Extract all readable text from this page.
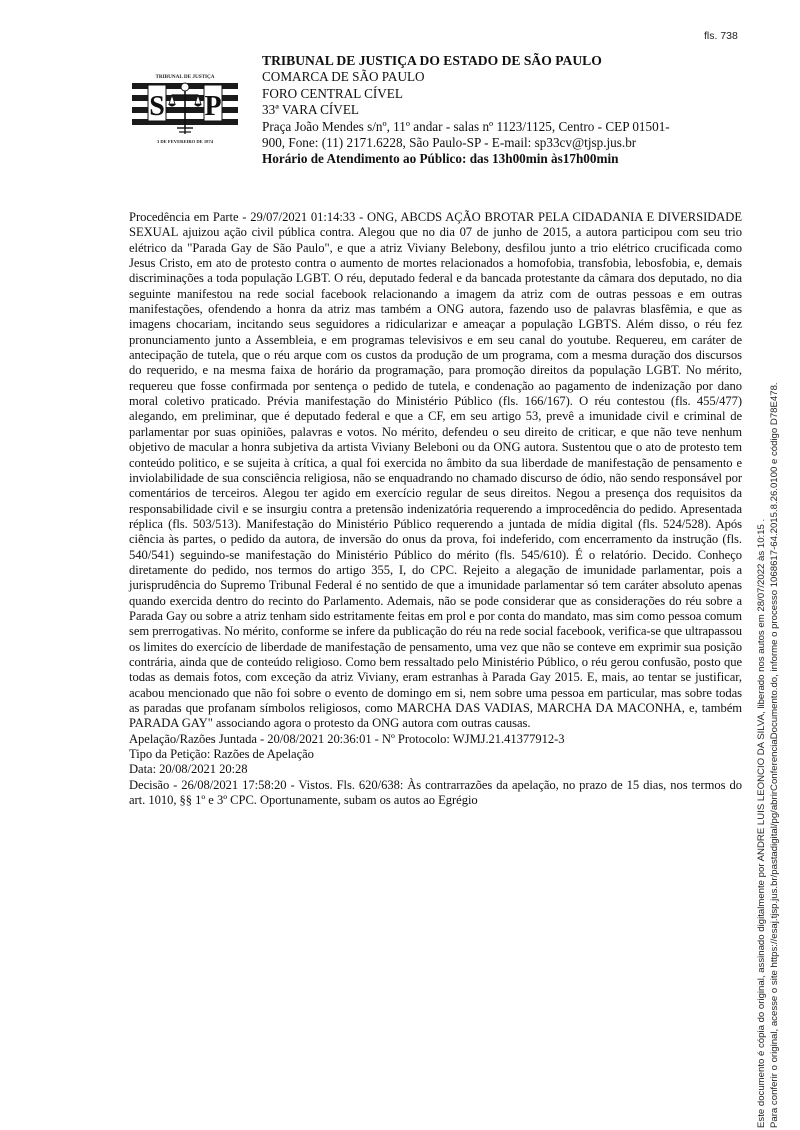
fls. 738
TRIBUNAL DE JUSTIÇA
S P
3 DE FEVEREIRO DE 1874
TRIBUNAL DE JUSTIÇA DO ESTADO DE SÃO PAULO
COMARCA DE SÃO PAULO
FORO CENTRAL CÍVEL
33ª VARA CÍVEL
Praça João Mendes s/nº, 11º andar - salas nº 1123/1125, Centro - CEP 01501-900, Fone: (11) 2171.6228, São Paulo-SP - E-mail: sp33cv@tjsp.jus.br
Horário de Atendimento ao Público: das 13h00min às17h00min

Procedência em Parte - 29/07/2021 01:14:33 - ONG, ABCDS AÇÃO BROTAR PELA CIDADANIA E DIVERSIDADE SEXUAL ajuizou ação civil pública contra. Alegou que no dia 07 de junho de 2015, a autora participou com seu trio elétrico da "Parada Gay de São Paulo", e que a atriz Viviany Belebony, desfilou junto a trio elétrico crucificada como Jesus Cristo, em ato de protesto contra o aumento de mortes relacionados a homofobia, transfobia, lebosfobia, e, demais discriminações a toda população LGBT. O réu, deputado federal e da bancada protestante da câmara dos deputado, no dia seguinte manifestou na rede social facebook relacionando a imagem da atriz com de outras pessoas e em outras manifestações, ofendendo a honra da atriz mas também a ONG autora, fazendo uso de palavras blasfêmia, e que as imagens chocariam, incitando seus seguidores a ridicularizar e ameaçar a população LGBTS. Além disso, o réu fez pronunciamento junto a Assembleia, e em programas televisivos e em seu canal do youtube. Requereu, em caráter de antecipação de tutela, que o réu arque com os custos da produção de um programa, com a mesma duração dos discursos do requerido, e na mesma faixa de horário da programação, para promoção direitos da população LGBT. No mérito, requereu que fosse confirmada por sentença o pedido de tutela, e condenação ao pagamento de indenização por dano moral coletivo praticado. Prévia manifestação do Ministério Público (fls. 166/167). O réu contestou (fls. 455/477) alegando, em preliminar, que é deputado federal e que a CF, em seu artigo 53, prevê a imunidade civil e criminal de parlamentar por suas opiniões, palavras e votos. No mérito, defendeu o seu direito de criticar, e que não teve nenhum objetivo de macular a honra subjetiva da artista Viviany Beleboni ou da ONG autora. Sustentou que o ato de protesto tem conteúdo politico, e se sujeita à crítica, a qual foi exercida no âmbito da sua liberdade de manifestação de pensamento e inviolabilidade de sua consciência religiosa, não se enquadrando no chamado discurso de ódio, não sendo responsável por comentários de terceiros. Alegou ter agido em exercício regular de seus direitos. Negou a presença dos requisitos da responsabilidade civil e se insurgiu contra a pretensão indenizatória requerendo a improcedência do pedido. Apresentada réplica (fls. 503/513). Manifestação do Ministério Público requerendo a juntada de mídia digital (fls. 524/528). Após ciência às partes, o pedido da autora, de inversão do onus da prova, foi indeferido, com encerramento da instrução (fls. 540/541) seguindo-se manifestação do Ministério Público do mérito (fls. 545/610). É o relatório. Decido. Conheço diretamente do pedido, nos termos do artigo 355, I, do CPC. Rejeito a alegação de imunidade parlamentar, pois a jurisprudência do Supremo Tribunal Federal é no sentido de que a imunidade parlamentar só tem caráter absoluto apenas quando exercida dentro do recinto do Parlamento. Ademais, não se pode considerar que as considerações do réu sobre a Parada Gay ou sobre a atriz tenham sido estritamente feitas em prol e por conta do mandato, mas sim como pessoa comum sem prerrogativas. No mérito, conforme se infere da publicação do réu na rede social facebook, verifica-se que ultrapassou os limites do exercício de liberdade de manifestação de pensamento, uma vez que não se conteve em exprimir sua posição contrária, ainda que de conteúdo religioso. Como bem ressaltado pelo Ministério Público, o réu gerou confusão, posto que todas as demais fotos, com exceção da atriz Viviany, eram estranhas à Parada Gay 2015. E, mais, ao tentar se justificar, acabou mencionado que não foi sobre o evento de domingo em si, nem sobre uma pessoa em particular, mas sobre todas as paradas que profanam símbolos religiosos, como MARCHA DAS VADIAS, MARCHA DA MACONHA, e, também PARADA GAY" associando agora o protesto da ONG autora com outras causas.

Apelação/Razões Juntada - 20/08/2021 20:36:01 - Nº Protocolo: WJMJ.21.41377912-3

Tipo da Petição: Razões de Apelação

Data: 20/08/2021 20:28

Decisão - 26/08/2021 17:58:20 - Vistos. Fls. 620/638: Às contrarrazões da apelação, no prazo de 15 dias, nos termos do art. 1010, §§ 1º e 3º CPC. Oportunamente, subam os autos ao Egrégio	Este documento é cópia do original, assinado digitalmente por ANDRE LUIS LEONCIO DA SILVA, liberado nos autos em 28/07/2022 às 10:15 . Para conferir o original, acesse o site https://esaj.tjsp.jus.br/pastadigital/pg/abrirConferenciaDocumento.do, informe o processo 1068617-64.2015.8.26.0100 e código D78E478.
